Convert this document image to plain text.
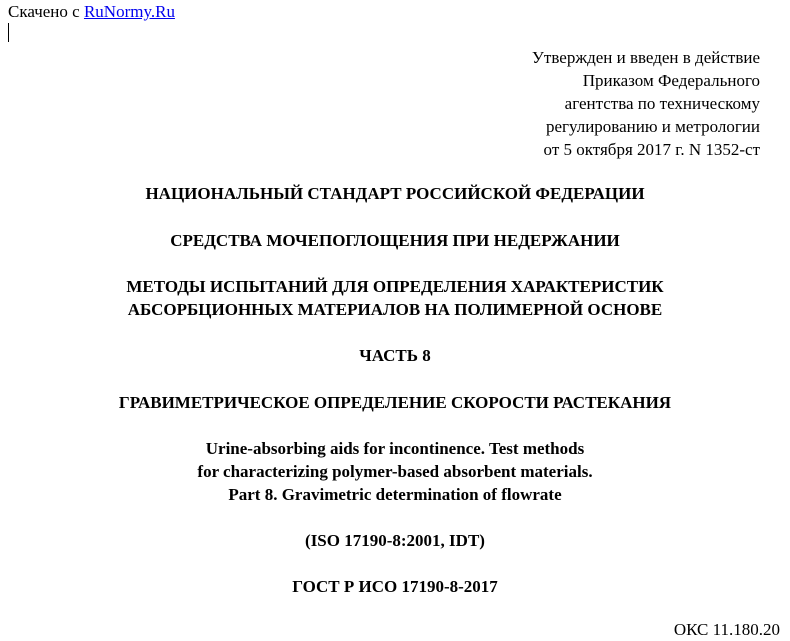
Скачено с RuNormy.Ru
Утвержден и введен в действие
Приказом Федерального
агентства по техническому
регулированию и метрологии
от 5 октября 2017 г. N 1352-ст
НАЦИОНАЛЬНЫЙ СТАНДАРТ РОССИЙСКОЙ ФЕДЕРАЦИИ
СРЕДСТВА МОЧЕПОГЛОЩЕНИЯ ПРИ НЕДЕРЖАНИИ
МЕТОДЫ ИСПЫТАНИЙ ДЛЯ ОПРЕДЕЛЕНИЯ ХАРАКТЕРИСТИК
АБСОРБЦИОННЫХ МАТЕРИАЛОВ НА ПОЛИМЕРНОЙ ОСНОВЕ
ЧАСТЬ 8
ГРАВИМЕТРИЧЕСКОЕ ОПРЕДЕЛЕНИЕ СКОРОСТИ РАСТЕКАНИЯ
Urine-absorbing aids for incontinence. Test methods
for characterizing polymer-based absorbent materials.
Part 8. Gravimetric determination of flowrate
(ISO 17190-8:2001, IDT)
ГОСТ Р ИСО 17190-8-2017
ОКС 11.180.20
